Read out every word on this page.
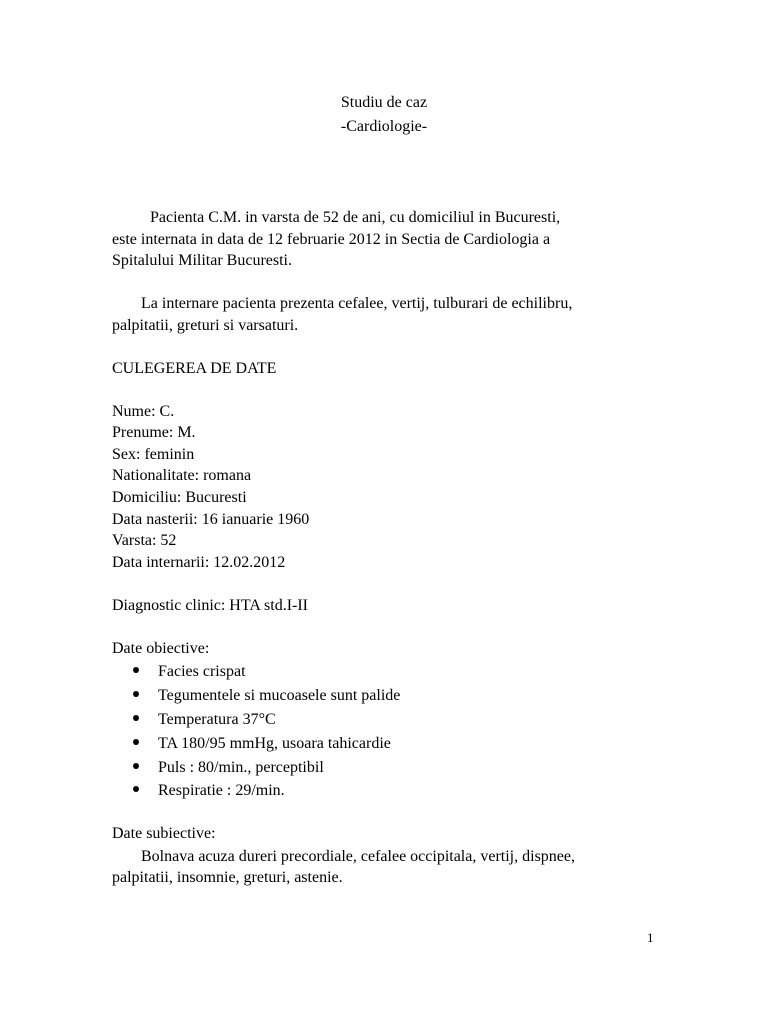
Studiu de caz
-Cardiologie-
Pacienta C.M. in varsta de 52 de ani, cu domiciliul in Bucuresti,
este internata in data de 12 februarie 2012 in Sectia de Cardiologia a
Spitalului Militar Bucuresti.
La internare pacienta prezenta cefalee, vertij, tulburari de echilibru,
palpitatii, greturi si varsaturi.
CULEGEREA DE DATE
Nume: C.
Prenume: M.
Sex: feminin
Nationalitate: romana
Domiciliu: Bucuresti
Data nasterii: 16 ianuarie 1960
Varsta: 52
Data internarii: 12.02.2012
Diagnostic clinic: HTA std.I-II
Date obiective:
Facies crispat
Tegumentele si mucoasele sunt palide
Temperatura 37°C
TA 180/95 mmHg, usoara tahicardie
Puls : 80/min., perceptibil
Respiratie : 29/min.
Date subiective:
Bolnava acuza dureri precordiale, cefalee occipitala, vertij, dispnee,
palpitatii, insomnie, greturi, astenie.
1
